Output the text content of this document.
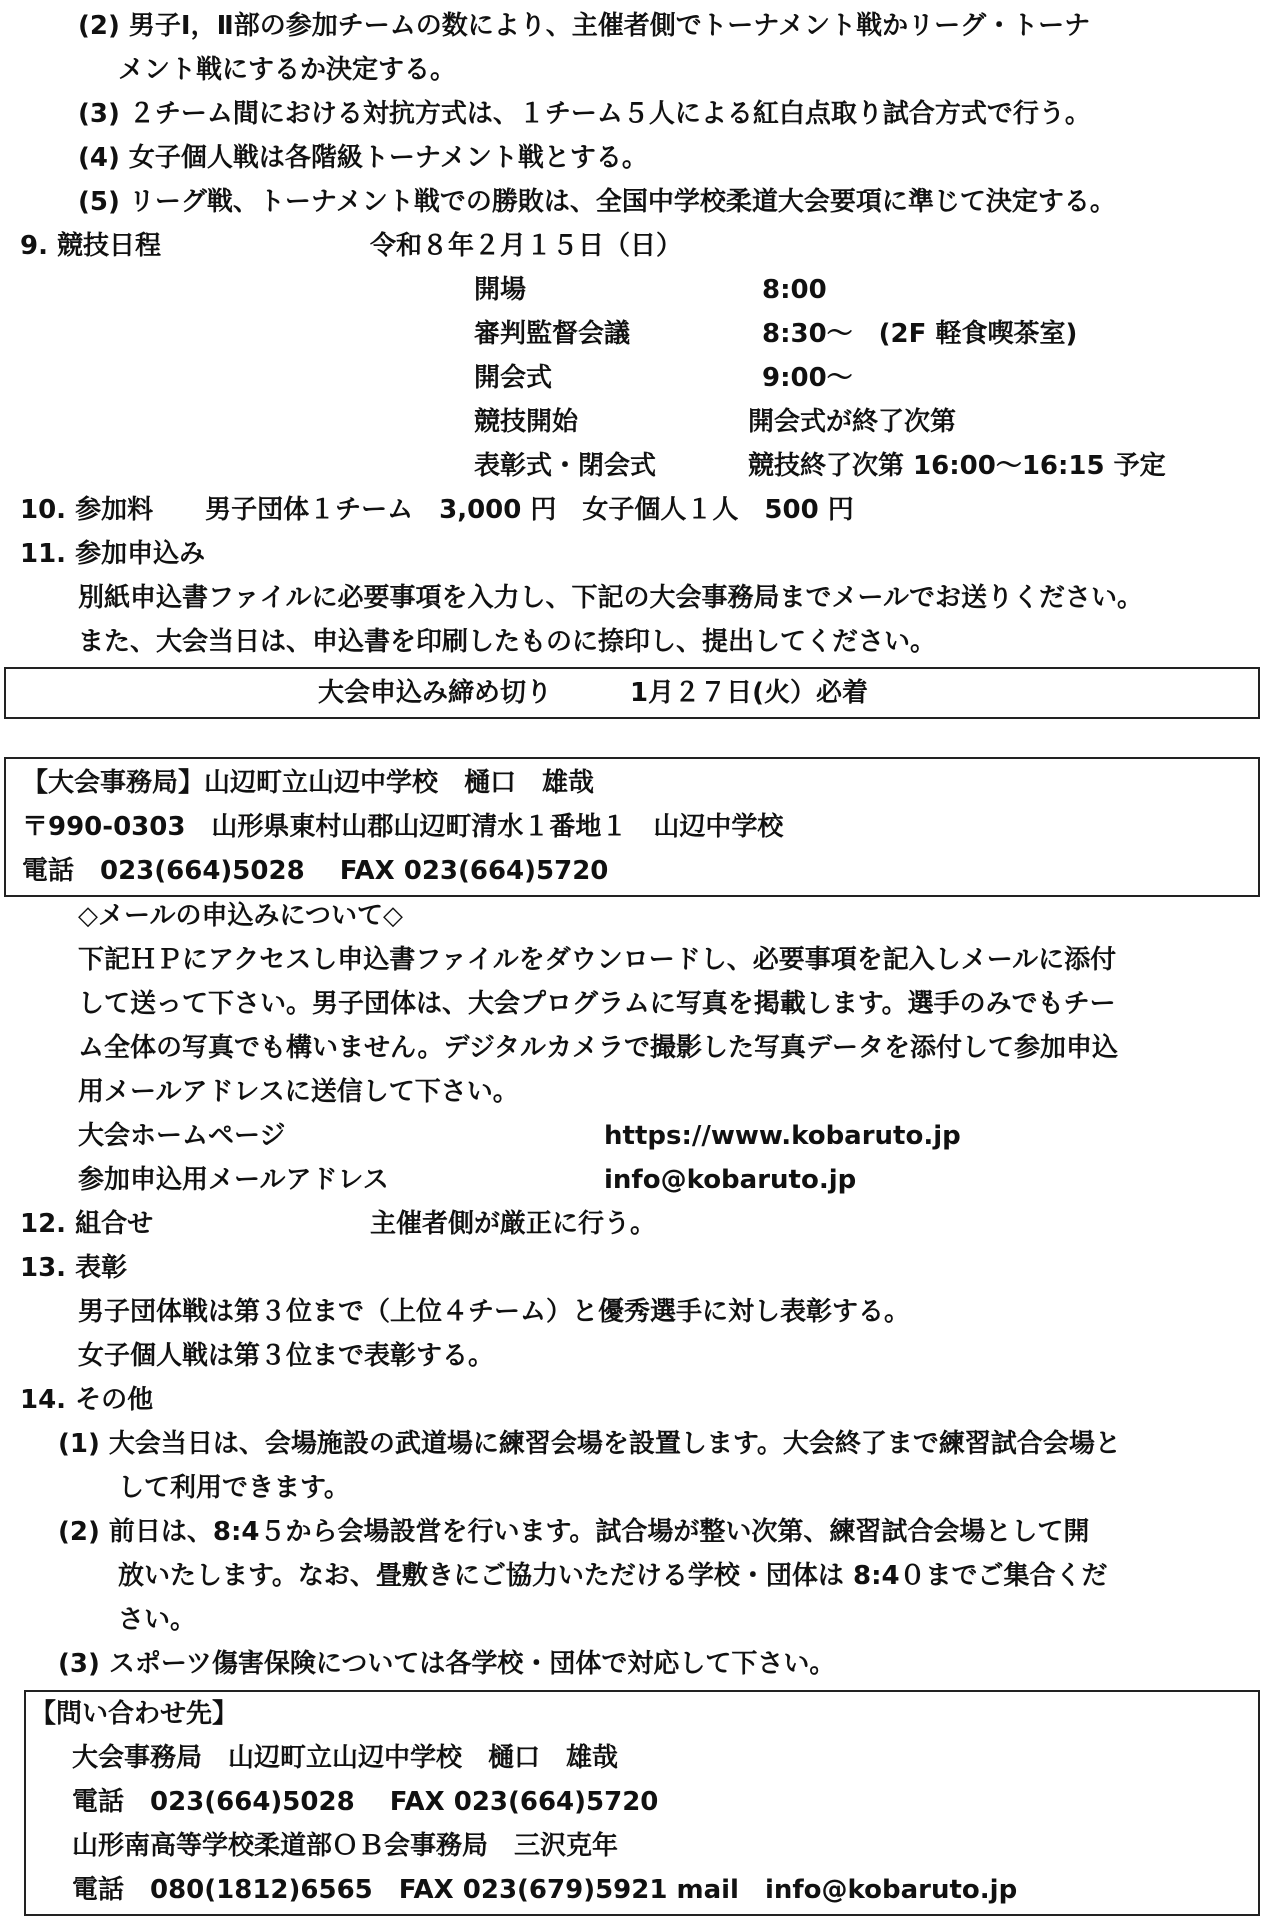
(2) 男子Ⅰ，Ⅱ部の参加チームの数により、主催者側でトーナメント戦かリーグ・トーナ
メント戦にするか決定する。
(3) ２チーム間における対抗方式は、１チーム５人による紅白点取り試合方式で行う。
(4) 女子個人戦は各階級トーナメント戦とする。
(5) リーグ戦、トーナメント戦での勝敗は、全国中学校柔道大会要項に準じて決定する。
9. 競技日程	令和８年２月１５日（日）
開場	8:00
審判監督会議	8:30～　(2F 軽食喫茶室)
開会式	9:00～
競技開始	開会式が終了次第
表彰式・閉会式	競技終了次第 16:00～16:15 予定
10. 参加料　　男子団体１チーム　3,000 円　女子個人１人　500 円
11. 参加申込み
別紙申込書ファイルに必要事項を入力し、下記の大会事務局までメールでお送りください。
また、大会当日は、申込書を印刷したものに捺印し、提出してください。
大会申込み締め切り　　　1月２７日(火）必着
【大会事務局】山辺町立山辺中学校　樋口　雄哉
〒990-0303　山形県東村山郡山辺町清水１番地１　山辺中学校
電話　023(664)5028　 FAX 023(664)5720
◇メールの申込みについて◇
下記ＨＰにアクセスし申込書ファイルをダウンロードし、必要事項を記入しメールに添付
して送って下さい。男子団体は、大会プログラムに写真を掲載します。選手のみでもチー
ム全体の写真でも構いません。デジタルカメラで撮影した写真データを添付して参加申込
用メールアドレスに送信して下さい。
大会ホームページ	https://www.kobaruto.jp
参加申込用メールアドレス	info@kobaruto.jp
12. 組合せ	主催者側が厳正に行う。
13. 表彰
男子団体戦は第３位まで（上位４チーム）と優秀選手に対し表彰する。
女子個人戦は第３位まで表彰する。
14. その他
(1) 大会当日は、会場施設の武道場に練習会場を設置します。大会終了まで練習試合会場と
して利用できます。
(2) 前日は、8:4５から会場設営を行います。試合場が整い次第、練習試合会場として開
放いたします。なお、畳敷きにご協力いただける学校・団体は 8:4０までご集合くだ
さい。
(3) スポーツ傷害保険については各学校・団体で対応して下さい。
【問い合わせ先】
大会事務局　山辺町立山辺中学校　樋口　雄哉
電話　023(664)5028　 FAX 023(664)5720
山形南高等学校柔道部ＯＢ会事務局　三沢克年
電話　080(1812)6565　FAX 023(679)5921 mail　info@kobaruto.jp
